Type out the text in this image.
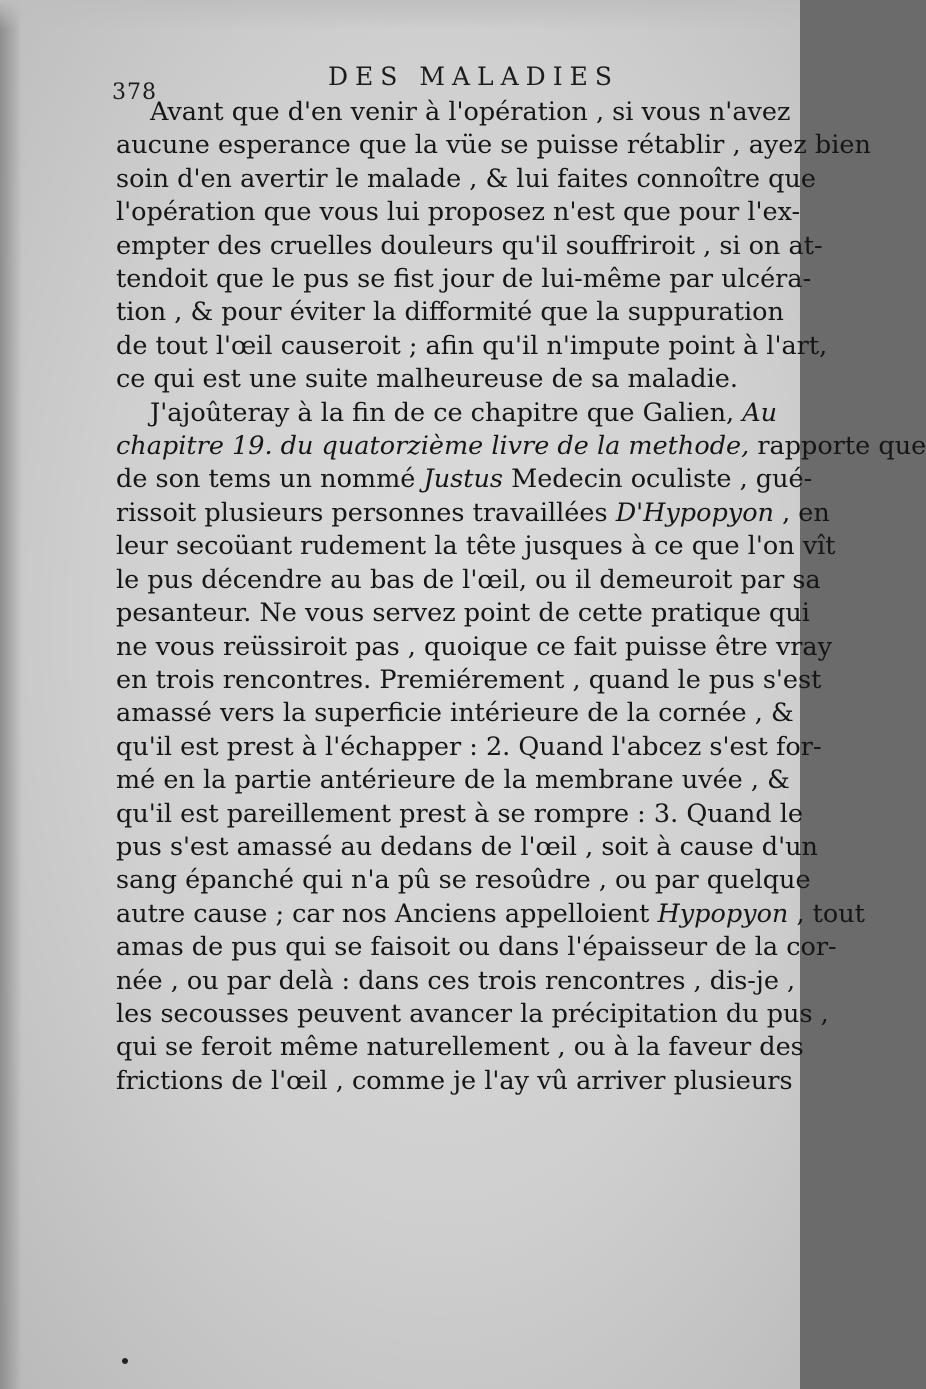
378
DES MALADIES
Avant que d'en venir à l'opération , si vous n'avez
aucune esperance que la vüe se puisse rétablir , ayez bien
soin d'en avertir le malade , & lui faites connoître que
l'opération que vous lui proposez n'est que pour l'ex-
empter des cruelles douleurs qu'il souffriroit , si on at-
tendoit que le pus se fist jour de lui-même par ulcéra-
tion , & pour éviter la difformité que la suppuration
de tout l'œil causeroit ; afin qu'il n'impute point à l'art,
ce qui est une suite malheureuse de sa maladie.
J'ajoûteray à la fin de ce chapitre que Galien, Au
chapitre 19. du quatorzième livre de la methode, rapporte que
de son tems un nommé Justus Medecin oculiste , gué-
rissoit plusieurs personnes travaillées D'Hypopyon , en
leur secoüant rudement la tête jusques à ce que l'on vît
le pus décendre au bas de l'œil, ou il demeuroit par sa
pesanteur. Ne vous servez point de cette pratique qui
ne vous reüssiroit pas , quoique ce fait puisse être vray
en trois rencontres. Premiérement , quand le pus s'est
amassé vers la superficie intérieure de la cornée , &
qu'il est prest à l'échapper : 2. Quand l'abcez s'est for-
mé en la partie antérieure de la membrane uvée , &
qu'il est pareillement prest à se rompre : 3. Quand le
pus s'est amassé au dedans de l'œil , soit à cause d'un
sang épanché qui n'a pû se resoûdre , ou par quelque
autre cause ; car nos Anciens appelloient Hypopyon , tout
amas de pus qui se faisoit ou dans l'épaisseur de la cor-
née , ou par delà : dans ces trois rencontres , dis-je ,
les secousses peuvent avancer la précipitation du pus ,
qui se feroit même naturellement , ou à la faveur des
frictions de l'œil , comme je l'ay vû arriver plusieurs
